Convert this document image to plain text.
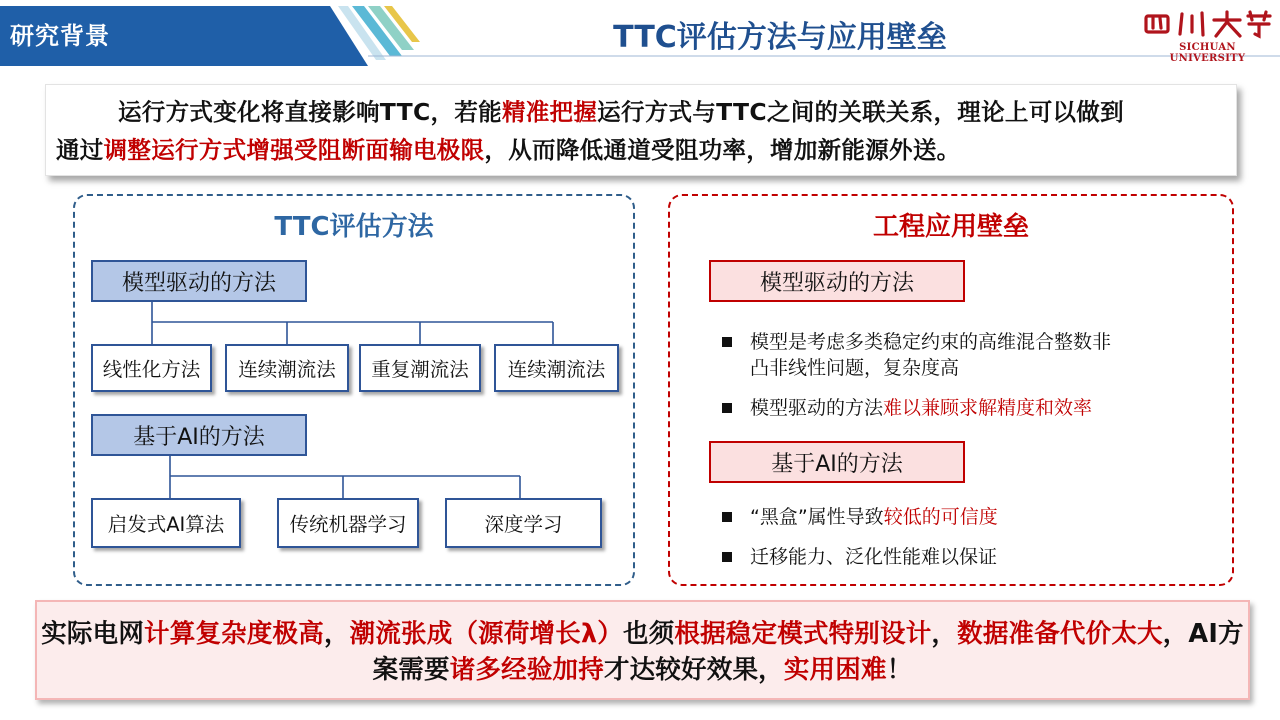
研究背景	TTC评估方法与应用壁垒	SICHUAN UNIVERSITY
运行方式变化将直接影响TTC，若能精准把握运行方式与TTC之间的关联关系，理论上可以做到
通过调整运行方式增强受阻断面输电极限，从而降低通道受阻功率，增加新能源外送。
TTC评估方法	工程应用壁垒
模型驱动的方法
线性化方法	连续潮流法	重复潮流法	连续潮流法
基于AI的方法
启发式AI算法	传统机器学习	深度学习
模型驱动的方法
模型是考虑多类稳定约束的高维混合整数非
凸非线性问题，复杂度高
模型驱动的方法难以兼顾求解精度和效率
基于AI的方法
“黑盒”属性导致较低的可信度
迁移能力、泛化性能难以保证
实际电网计算复杂度极高，潮流张成（源荷增长λ）也须根据稳定模式特别设计，数据准备代价太大，AI方案需要诸多经验加持才达较好效果，实用困难！
